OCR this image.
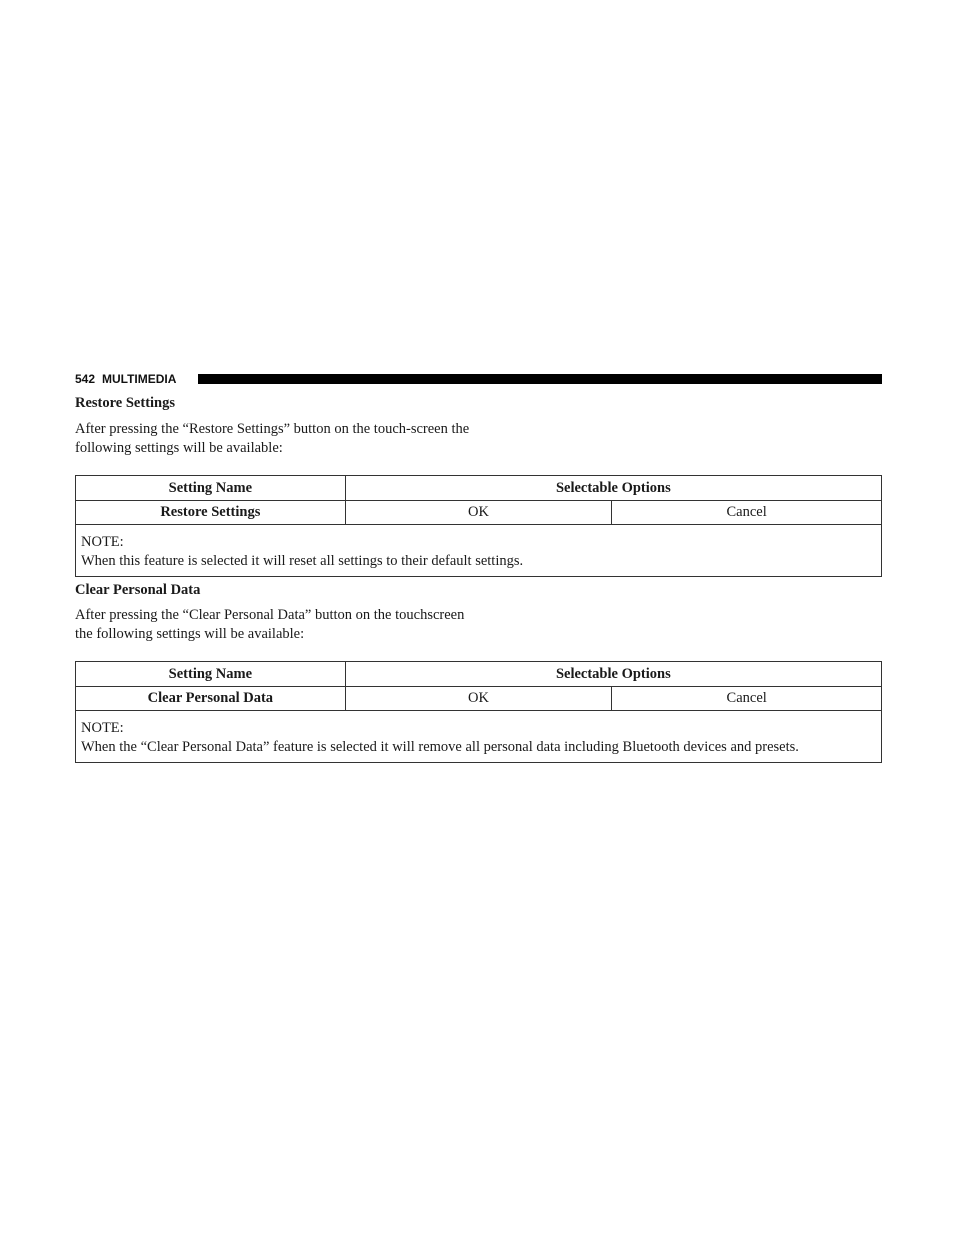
542 MULTIMEDIA
Restore Settings

After pressing the “Restore Settings” button on the touch-screen the following settings will be available:

Setting Name	Selectable Options	
Restore Settings	OK	Cancel

NOTE:
When this feature is selected it will reset all settings to their default settings.		
Clear Personal Data

After pressing the “Clear Personal Data” button on the touchscreen the following settings will be available:

Setting Name	Selectable Options	
Clear Personal Data	OK	Cancel

NOTE:
When the “Clear Personal Data” feature is selected it will remove all personal data including Bluetooth devices and presets.		
